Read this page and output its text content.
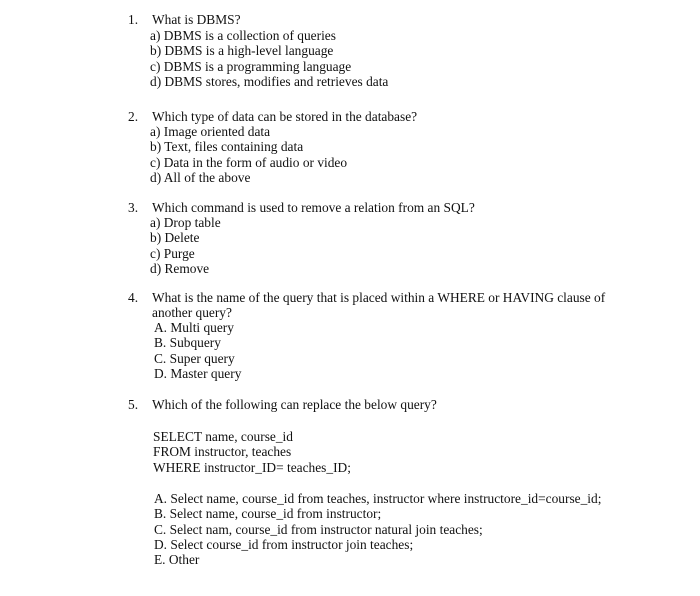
1. What is DBMS?
a) DBMS is a collection of queries
b) DBMS is a high-level language
c) DBMS is a programming language
d) DBMS stores, modifies and retrieves data
2. Which type of data can be stored in the database?
a) Image oriented data
b) Text, files containing data
c) Data in the form of audio or video
d) All of the above
3. Which command is used to remove a relation from an SQL?
a) Drop table
b) Delete
c) Purge
d) Remove
4. What is the name of the query that is placed within a WHERE or HAVING clause of
another query?
A. Multi query
B. Subquery
C. Super query
D. Master query
5. Which of the following can replace the below query?
SELECT name, course_id
FROM instructor, teaches
WHERE instructor_ID= teaches_ID;
A. Select name, course_id from teaches, instructor where instructore_id=course_id;
B. Select name, course_id from instructor;
C. Select nam, course_id from instructor natural join teaches;
D. Select course_id from instructor join teaches;
E. Other
